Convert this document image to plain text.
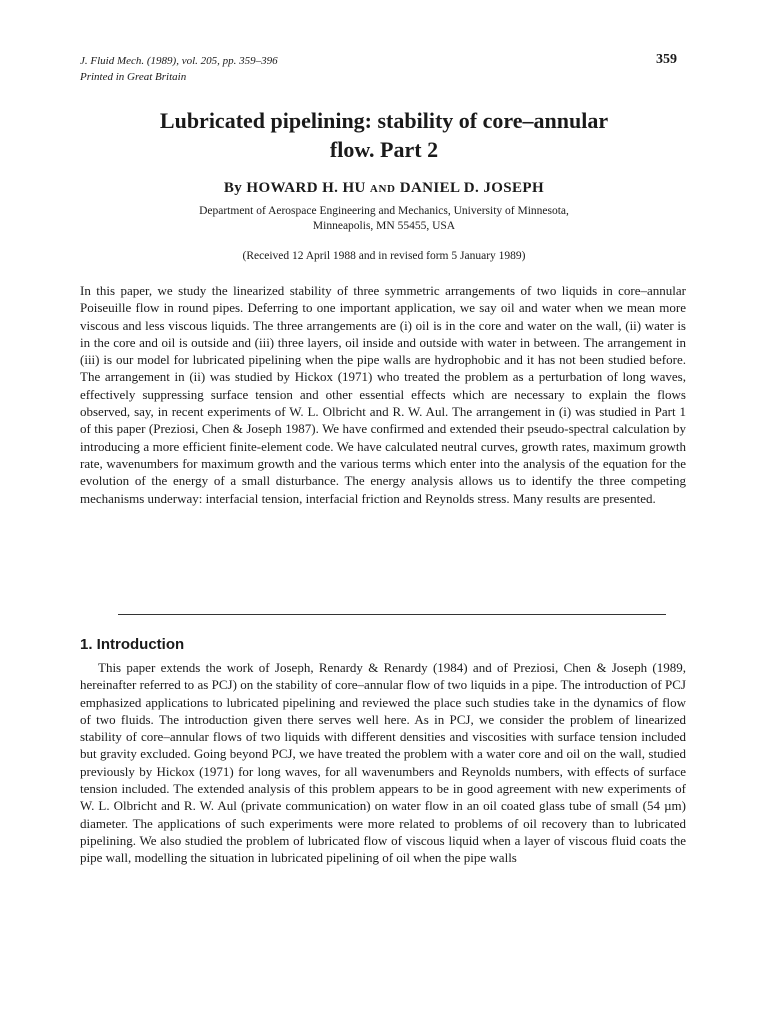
J. Fluid Mech. (1989), vol. 205, pp. 359–396
Printed in Great Britain
359
Lubricated pipelining: stability of core–annular
flow. Part 2
By HOWARD H. HU AND DANIEL D. JOSEPH
Department of Aerospace Engineering and Mechanics, University of Minnesota,
Minneapolis, MN 55455, USA
(Received 12 April 1988 and in revised form 5 January 1989)

In this paper, we study the linearized stability of three symmetric arrangements of two liquids in core–annular Poiseuille flow in round pipes. Deferring to one important application, we say oil and water when we mean more viscous and less viscous liquids. The three arrangements are (i) oil is in the core and water on the wall, (ii) water is in the core and oil is outside and (iii) three layers, oil inside and outside with water in between. The arrangement in (iii) is our model for lubricated pipelining when the pipe walls are hydrophobic and it has not been studied before. The arrangement in (ii) was studied by Hickox (1971) who treated the problem as a perturbation of long waves, effectively suppressing surface tension and other essential effects which are necessary to explain the flows observed, say, in recent experiments of W. L. Olbricht and R. W. Aul. The arrangement in (i) was studied in Part 1 of this paper (Preziosi, Chen & Joseph 1987). We have confirmed and extended their pseudo-spectral calculation by introducing a more efficient finite-element code. We have calculated neutral curves, growth rates, maximum growth rate, wavenumbers for maximum growth and the various terms which enter into the analysis of the equation for the evolution of the energy of a small disturbance. The energy analysis allows us to identify the three competing mechanisms underway: interfacial tension, interfacial friction and Reynolds stress. Many results are presented.

1. Introduction

This paper extends the work of Joseph, Renardy & Renardy (1984) and of Preziosi, Chen & Joseph (1989, hereinafter referred to as PCJ) on the stability of core–annular flow of two liquids in a pipe. The introduction of PCJ emphasized applications to lubricated pipelining and reviewed the place such studies take in the dynamics of flow of two fluids. The introduction given there serves well here. As in PCJ, we consider the problem of linearized stability of core–annular flows of two liquids with different densities and viscosities with surface tension included but gravity excluded. Going beyond PCJ, we have treated the problem with a water core and oil on the wall, studied previously by Hickox (1971) for long waves, for all wavenumbers and Reynolds numbers, with effects of surface tension included. The extended analysis of this problem appears to be in good agreement with new experiments of W. L. Olbricht and R. W. Aul (private communication) on water flow in an oil coated glass tube of small (54 µm) diameter. The applications of such experiments were more related to problems of oil recovery than to lubricated pipelining. We also studied the problem of lubricated flow of viscous liquid when a layer of viscous fluid coats the pipe wall, modelling the situation in lubricated pipelining of oil when the pipe walls
